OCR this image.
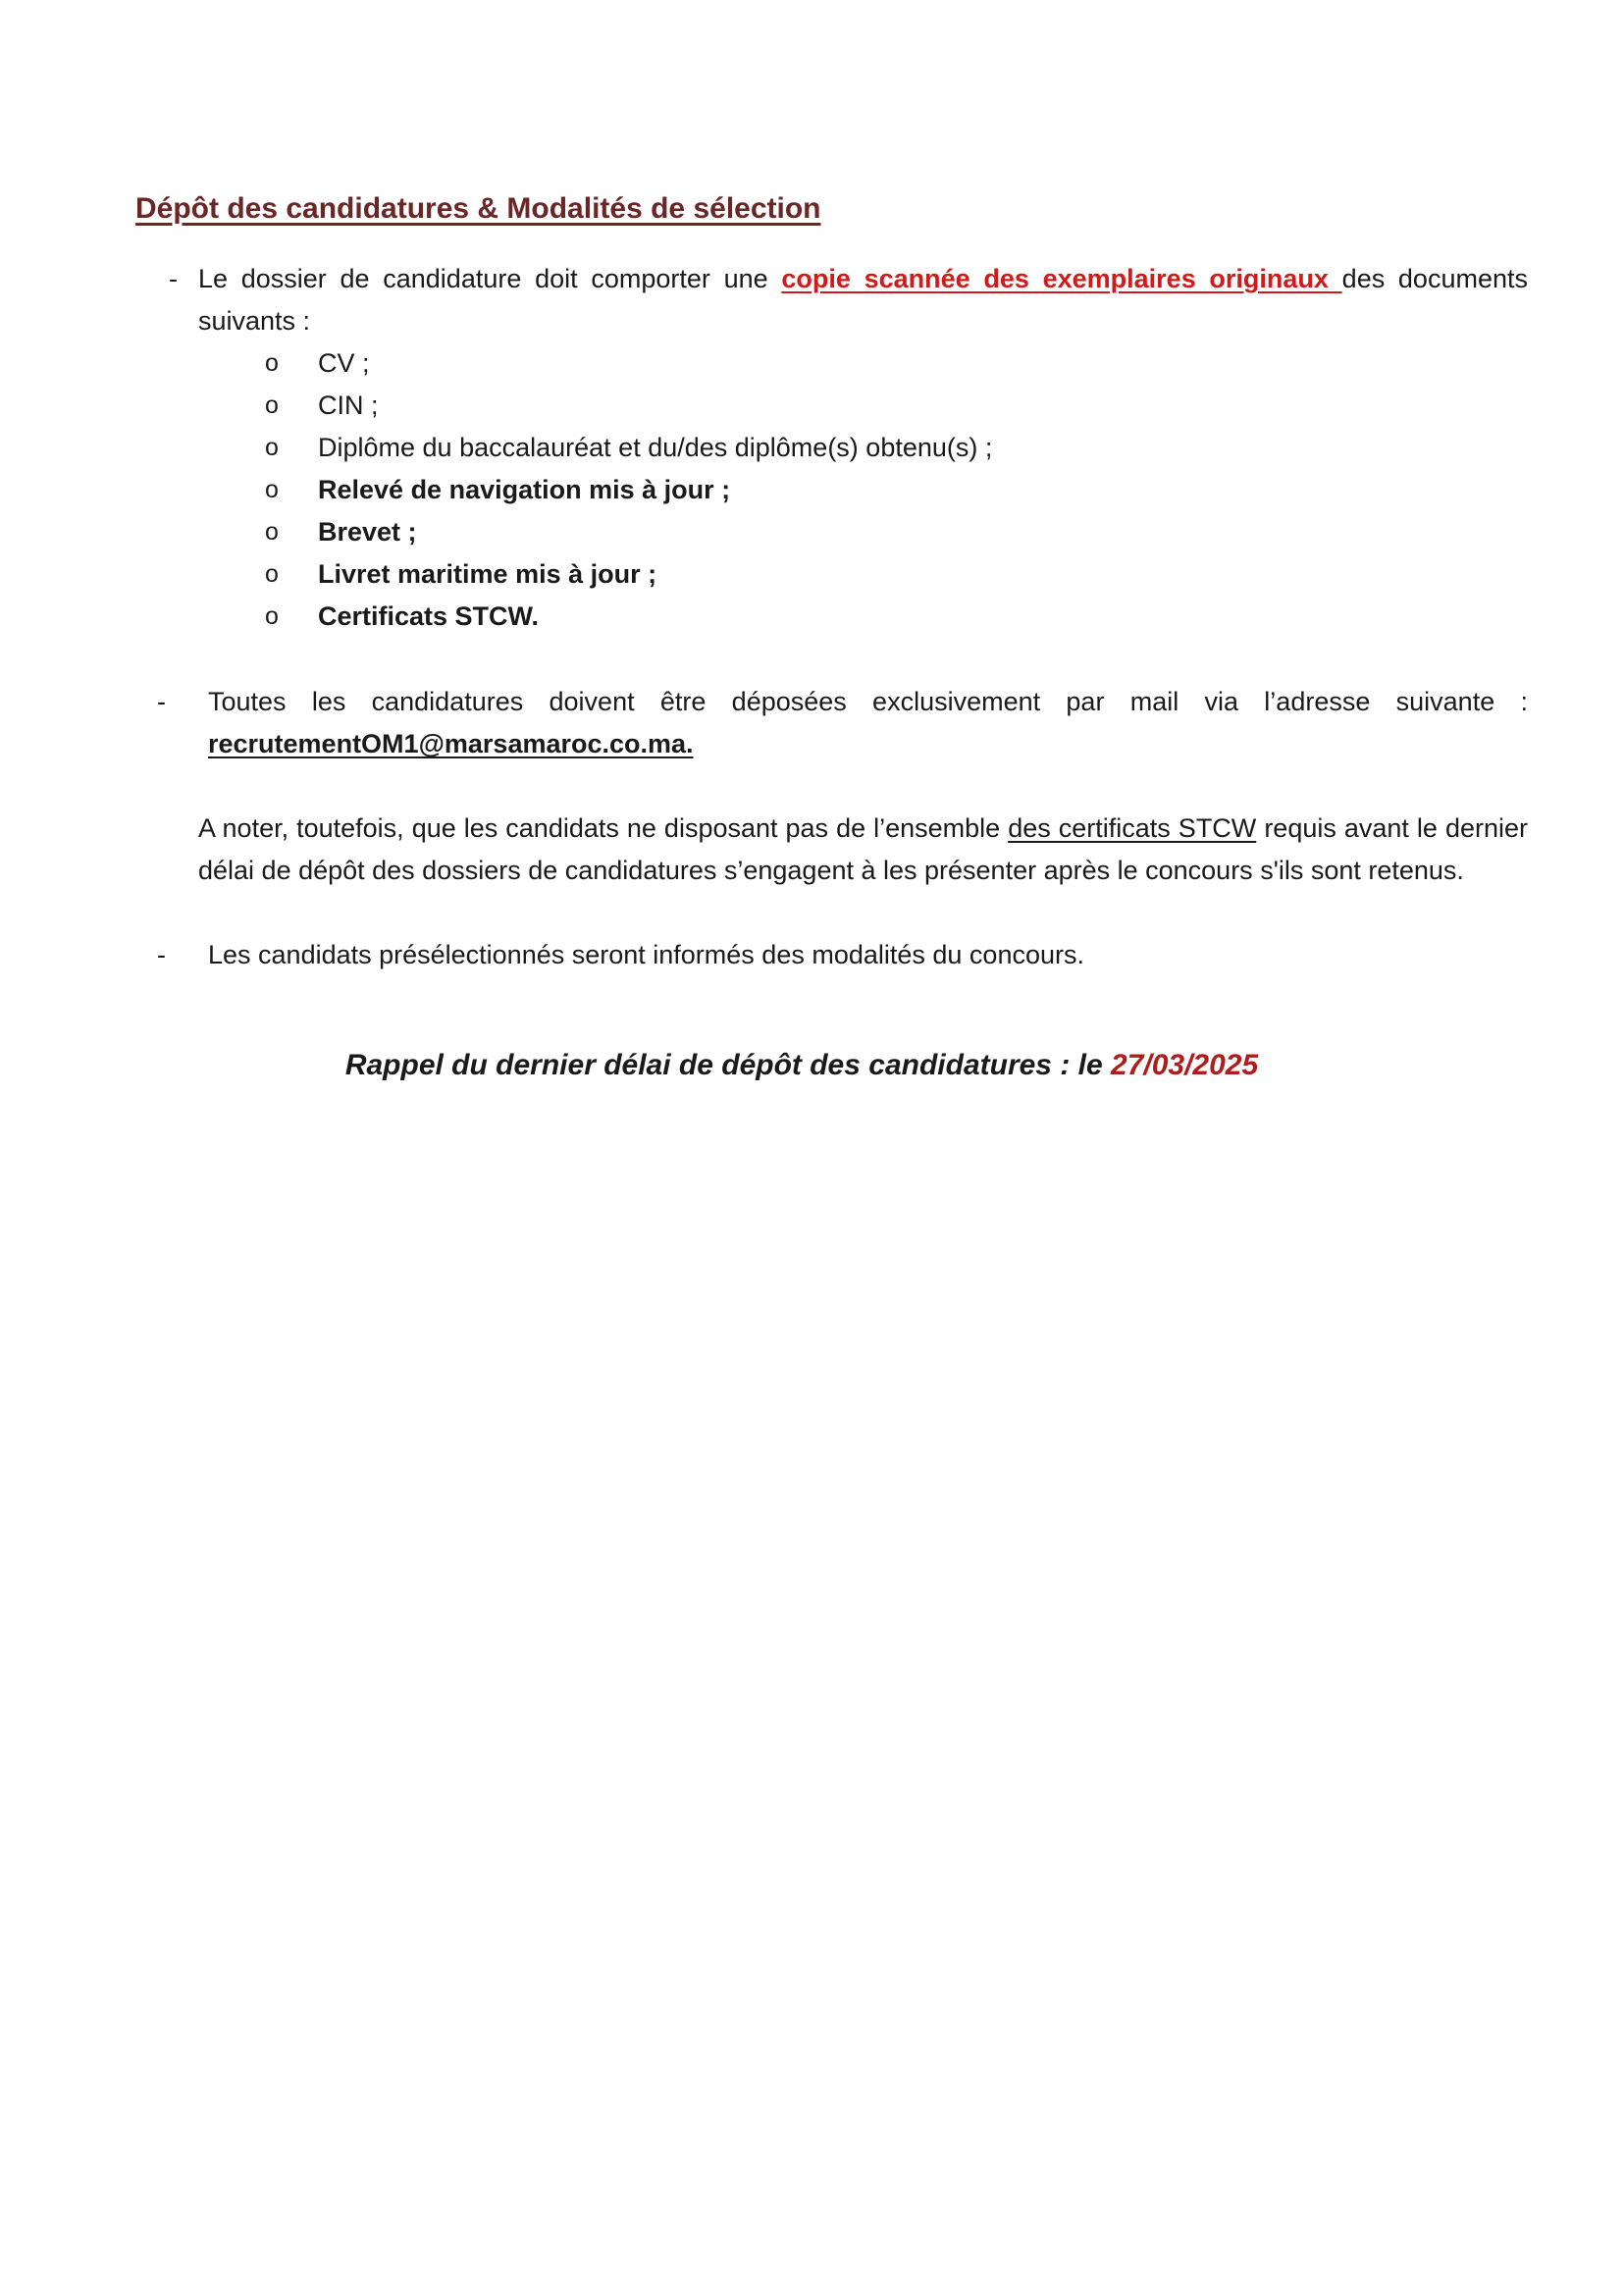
Dépôt des candidatures & Modalités de sélection
- Le dossier de candidature doit comporter une copie scannée des exemplaires originaux des documents suivants :
o CV ;
o CIN ;
o Diplôme du baccalauréat et du/des diplôme(s) obtenu(s) ;
o Relevé de navigation mis à jour ;
o Brevet ;
o Livret maritime mis à jour ;
o Certificats STCW.
- Toutes les candidatures doivent être déposées exclusivement par mail via l’adresse suivante : recrutementOM1@marsamaroc.co.ma.
A noter, toutefois, que les candidats ne disposant pas de l’ensemble des certificats STCW requis avant le dernier délai de dépôt des dossiers de candidatures s’engagent à les présenter après le concours s'ils sont retenus.
- Les candidats présélectionnés seront informés des modalités du concours.
Rappel du dernier délai de dépôt des candidatures : le 27/03/2025
